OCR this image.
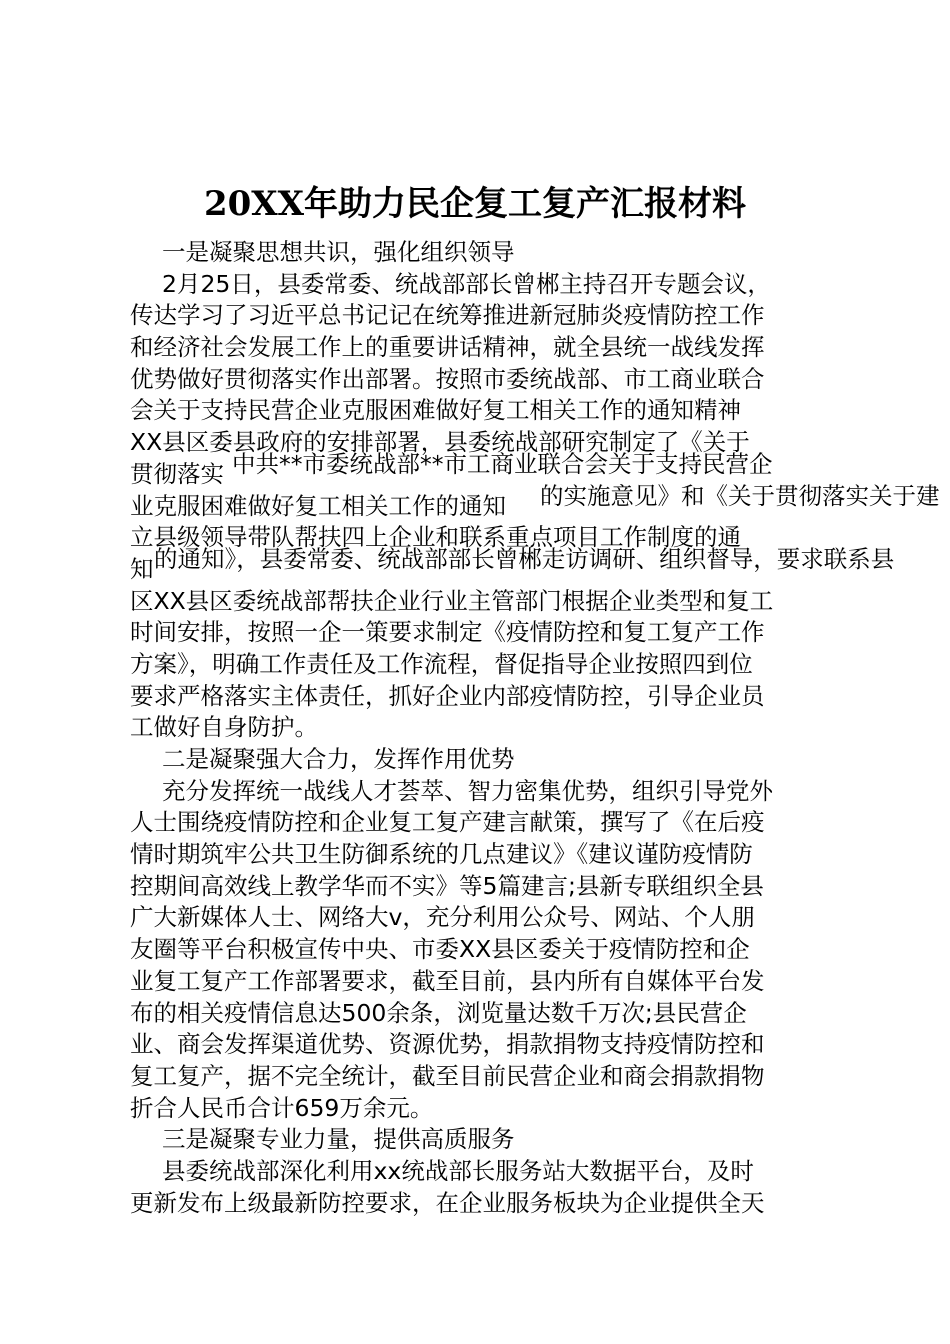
20XX年助力民企复工复产汇报材料
一是凝聚思想共识，强化组织领导
2月25日，县委常委、统战部部长曾郴主持召开专题会议，
传达学习了习近平总书记记在统筹推进新冠肺炎疫情防控工作
和经济社会发展工作上的重要讲话精神，就全县统一战线发挥
优势做好贯彻落实作出部署。按照市委统战部、市工商业联合
会关于支持民营企业克服困难做好复工相关工作的通知精神
XX县区委县政府的安排部署，县委统战部研究制定了《关于
贯彻落实
业克服困难做好复工相关工作的通知
立县级领导带队帮扶四上企业和联系重点项目工作制度的通
知
区XX县区委统战部帮扶企业行业主管部门根据企业类型和复工
时间安排，按照一企一策要求制定《疫情防控和复工复产工作
方案》，明确工作责任及工作流程，督促指导企业按照四到位
要求严格落实主体责任，抓好企业内部疫情防控，引导企业员
工做好自身防护。
二是凝聚强大合力，发挥作用优势
充分发挥统一战线人才荟萃、智力密集优势，组织引导党外
人士围绕疫情防控和企业复工复产建言献策，撰写了《在后疫
情时期筑牢公共卫生防御系统的几点建议》《建议谨防疫情防
控期间高效线上教学华而不实》等5篇建言;县新专联组织全县
广大新媒体人士、网络大v，充分利用公众号、网站、个人朋
友圈等平台积极宣传中央、市委XX县区委关于疫情防控和企
业复工复产工作部署要求，截至目前，县内所有自媒体平台发
布的相关疫情信息达500余条，浏览量达数千万次;县民营企
业、商会发挥渠道优势、资源优势，捐款捐物支持疫情防控和
复工复产，据不完全统计，截至目前民营企业和商会捐款捐物
折合人民币合计659万余元。
三是凝聚专业力量，提供高质服务
县委统战部深化利用xx统战部长服务站大数据平台，及时
更新发布上级最新防控要求，在企业服务板块为企业提供全天
中共**市委统战部**市工商业联合会关于支持民营企
的实施意见》和《关于贯彻落实关于建
的通知》，县委常委、统战部部长曾郴走访调研、组织督导，要求联系县
